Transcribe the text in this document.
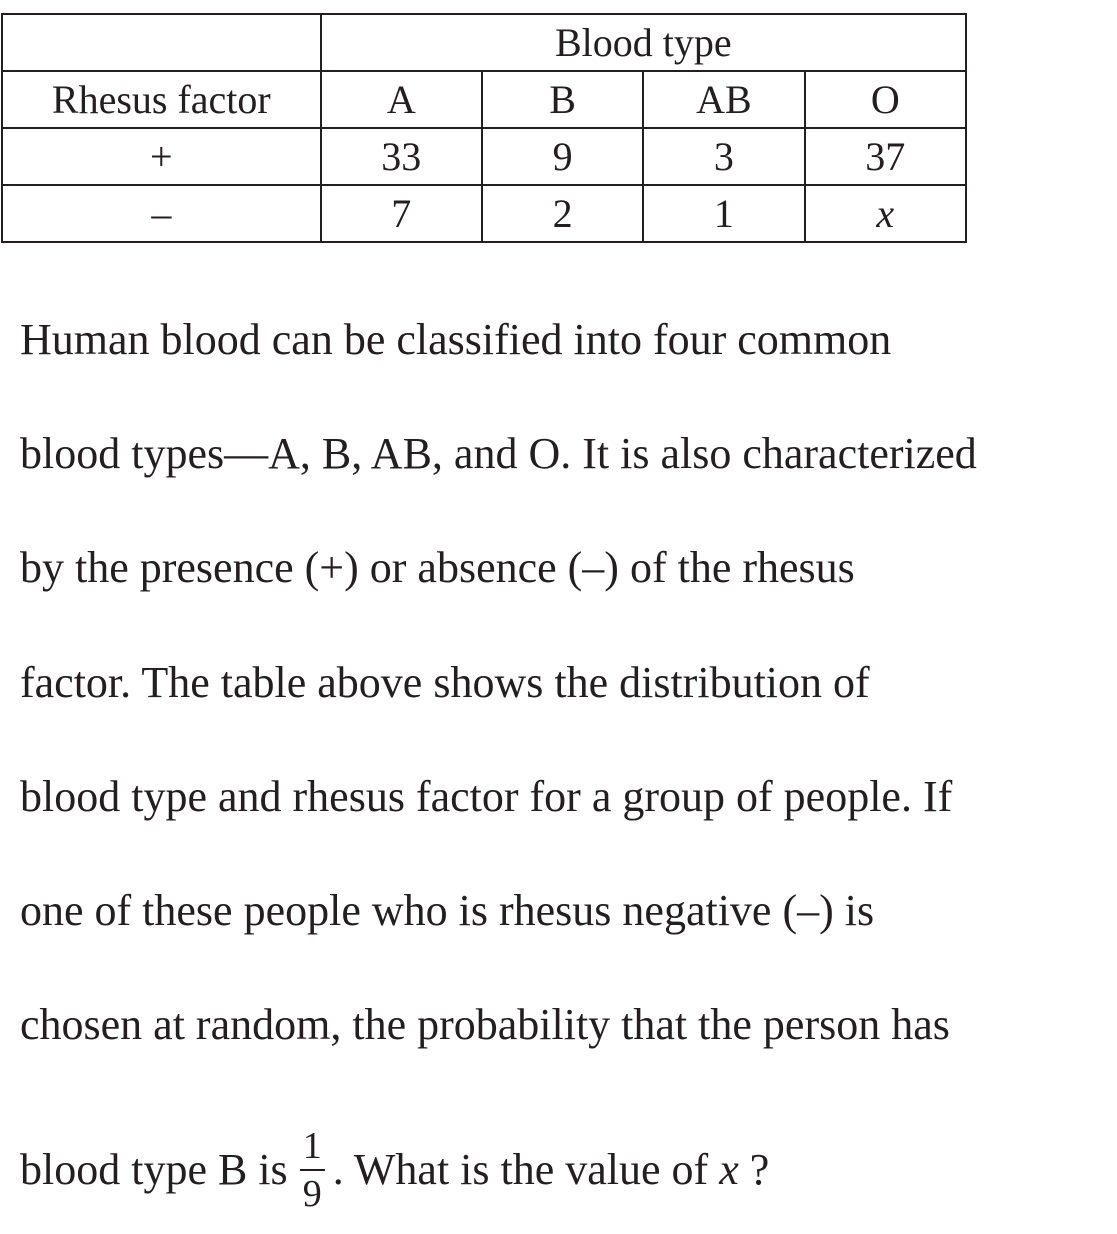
	Blood type			
Rhesus factor	A	B	AB	O
+	33	9	3	37
–	7	2	1	x
Human blood can be classified into four common
blood types—A, B, AB, and O. It is also characterized
by the presence (+) or absence (–) of the rhesus
factor. The table above shows the distribution of
blood type and rhesus factor for a group of people. If
one of these people who is rhesus negative (–) is
chosen at random, the probability that the person has
blood type B is $\frac{1}{9}$ . What is the value of
x
?
